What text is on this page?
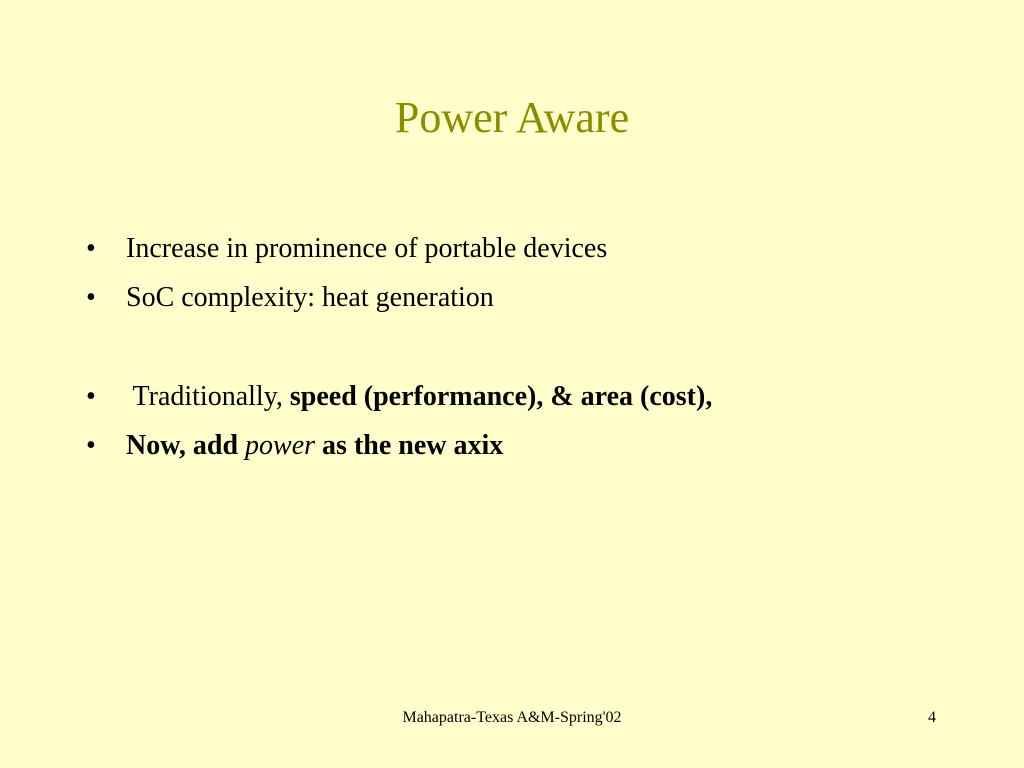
Power Aware
• Increase in prominence of portable devices
• SoC complexity: heat generation
• Traditionally, speed (performance), & area (cost),
• Now, add power as the new axix
Mahapatra-Texas A&M-Spring'02	4
